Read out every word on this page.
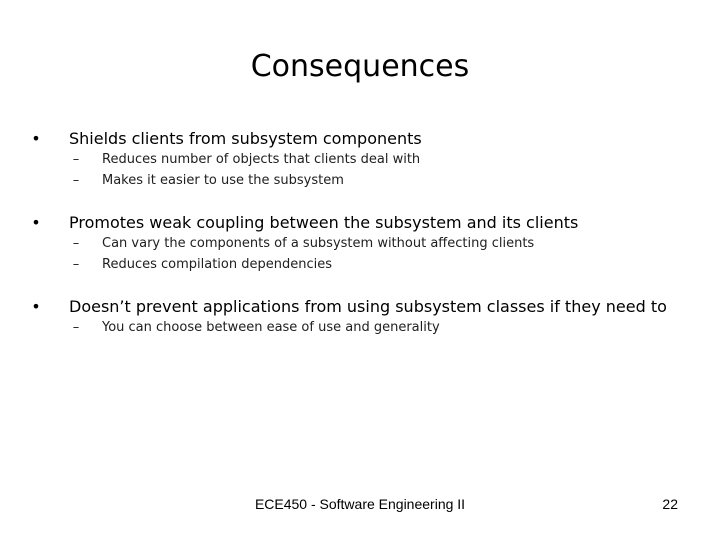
Consequences
• Shields clients from subsystem components
– Reduces number of objects that clients deal with
– Makes it easier to use the subsystem
• Promotes weak coupling between the subsystem and its clients
– Can vary the components of a subsystem without affecting clients
– Reduces compilation dependencies
• Doesn’t prevent applications from using subsystem classes if they need to
– You can choose between ease of use and generality
ECE450 - Software Engineering II	22
